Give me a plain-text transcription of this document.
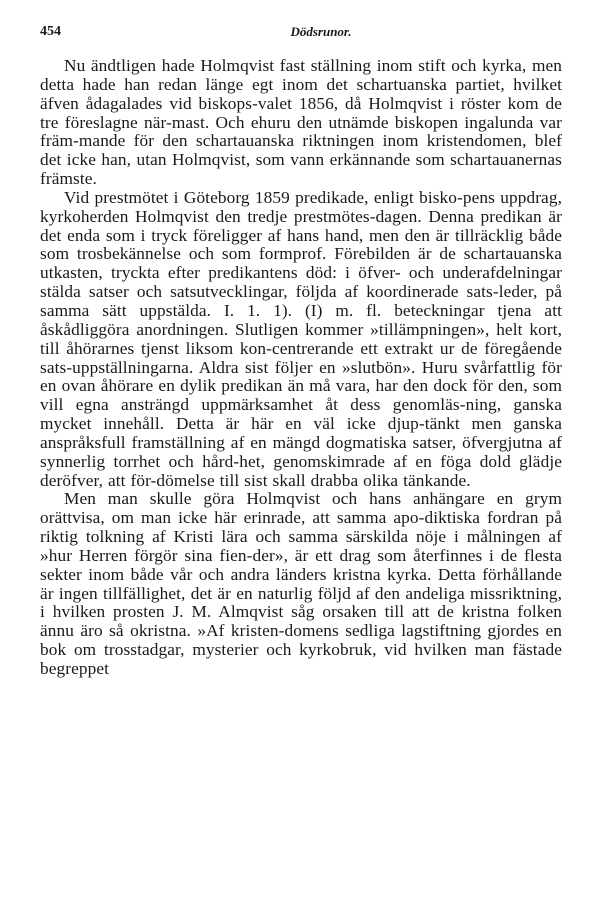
454	Dödsrunor.

Nu ändtligen hade Holmqvist fast ställning inom stift och kyrka, men detta hade han redan länge egt inom det schartuanska partiet, hvilket äfven ådagalades vid biskops-valet 1856, då Holmqvist i röster kom de tre föreslagne när-mast. Och ehuru den utnämde biskopen ingalunda var främ-mande för den schartauanska riktningen inom kristendomen, blef det icke han, utan Holmqvist, som vann erkännande som schartauanernas främste.

Vid prestmötet i Göteborg 1859 predikade, enligt bisko-pens uppdrag, kyrkoherden Holmqvist den tredje prestmötes-dagen. Denna predikan är det enda som i tryck föreligger af hans hand, men den är tillräcklig både som trosbekännelse och som formprof. Förebilden är de schartauanska utkasten, tryckta efter predikantens död: i öfver- och underafdelningar stälda satser och satsutvecklingar, följda af koordinerade sats-leder, på samma sätt uppstälda. I. 1. 1). (I) m. fl. beteckningar tjena att åskådliggöra anordningen. Slutligen kommer »tillämpningen», helt kort, till åhörarnes tjenst liksom kon-centrerande ett extrakt ur de föregående sats-uppställningarna. Aldra sist följer en »slutbön». Huru svårfattlig för en ovan åhörare en dylik predikan än må vara, har den dock för den, som vill egna ansträngd uppmärksamhet åt dess genomläs-ning, ganska mycket innehåll. Detta är här en väl icke djup-tänkt men ganska anspråksfull framställning af en mängd dogmatiska satser, öfvergjutna af synnerlig torrhet och hård-het, genomskimrade af en föga dold glädje deröfver, att för-dömelse till sist skall drabba olika tänkande.

Men man skulle göra Holmqvist och hans anhängare en grym orättvisa, om man icke här erinrade, att samma apo-diktiska fordran på riktig tolkning af Kristi lära och samma särskilda nöje i målningen af »hur Herren förgör sina fien-der», är ett drag som återfinnes i de flesta sekter inom både vår och andra länders kristna kyrka. Detta förhållande är ingen tillfällighet, det är en naturlig följd af den andeliga missriktning, i hvilken prosten J. M. Almqvist såg orsaken till att de kristna folken ännu äro så okristna. »Af kristen-domens sedliga lagstiftning gjordes en bok om trosstadgar, mysterier och kyrkobruk, vid hvilken man fästade begreppet
